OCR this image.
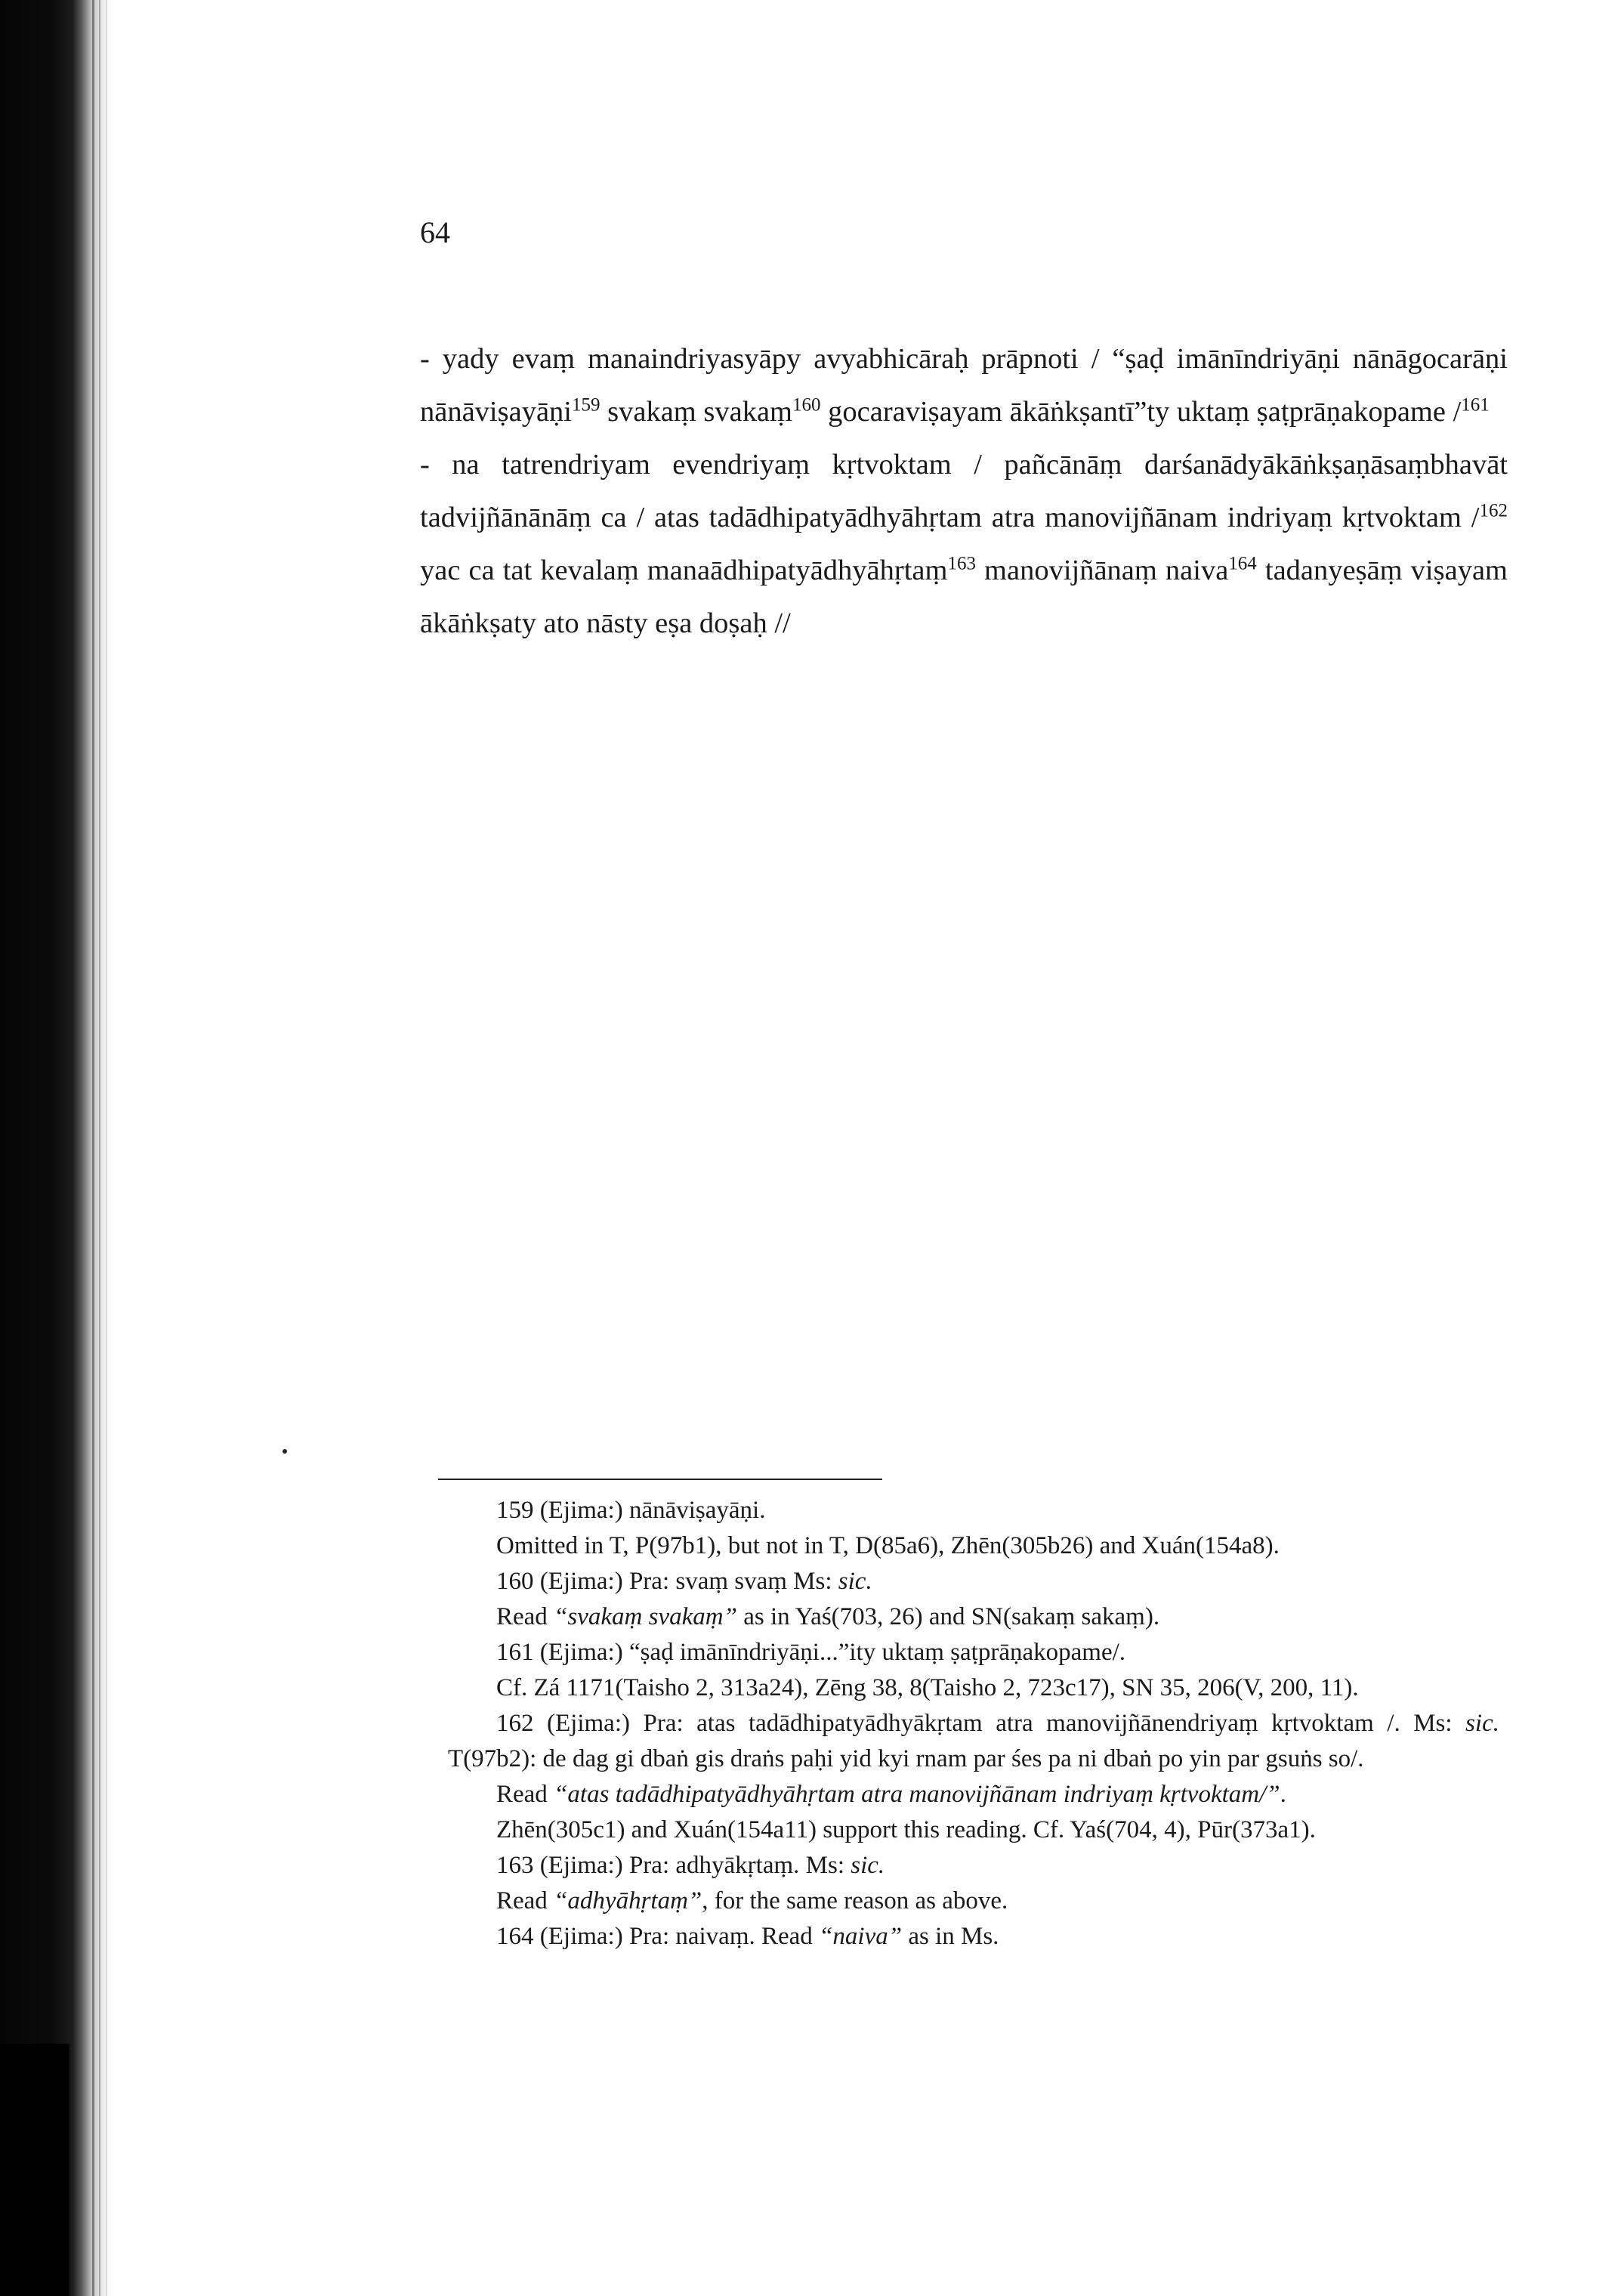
64

- yady evaṃ manaindriyasyāpy avyabhicāraḥ prāpnoti / “ṣaḍ imānīndriyāṇi nānāgocarāṇi nānāviṣayāṇi$^{159}$ svakaṃ svakaṃ$^{160}$ gocaraviṣayam ākāṅkṣantī”ty uktaṃ ṣaṭprāṇakopame /$^{161}$

- na tatrendriyam evendriyaṃ kṛtvoktam / pañcānāṃ darśanādyākāṅkṣaṇāsaṃbhavāt tadvijñānānāṃ ca / atas tadādhipatyādhyāhṛtam atra manovijñānam indriyaṃ kṛtvoktam /$^{162}$ yac ca tat kevalaṃ manaādhipatyādhyāhṛtaṃ$^{163}$ manovijñānaṃ naiva$^{164}$ tadanyeṣāṃ viṣayam ākāṅkṣaty ato nāsty eṣa doṣaḥ //

159 (Ejima:) nānāviṣayāṇi.

Omitted in T, P(97b1), but not in T, D(85a6), Zhēn(305b26) and Xuán(154a8).

160 (Ejima:) Pra: svaṃ svaṃ Ms: sic.

Read “svakaṃ svakaṃ” as in Yaś(703, 26) and SN(sakaṃ sakaṃ).

161 (Ejima:) “ṣaḍ imānīndriyāṇi...”ity uktaṃ ṣaṭprāṇakopame/.

Cf. Zá 1171(Taisho 2, 313a24), Zēng 38, 8(Taisho 2, 723c17), SN 35, 206(V, 200, 11).

162 (Ejima:) Pra: atas tadādhipatyādhyākṛtam atra manovijñānendriyaṃ kṛtvoktam /. Ms: sic. T(97b2): de dag gi dbaṅ gis draṅs paḥi yid kyi rnam par śes pa ni dbaṅ po yin par gsuṅs so/.

Read “atas tadādhipatyādhyāhṛtam atra manovijñānam indriyaṃ kṛtvoktam/”.

Zhēn(305c1) and Xuán(154a11) support this reading. Cf. Yaś(704, 4), Pūr(373a1).

163 (Ejima:) Pra: adhyākṛtaṃ. Ms: sic.

Read “adhyāhṛtaṃ”, for the same reason as above.

164 (Ejima:) Pra: naivaṃ. Read “naiva” as in Ms.
